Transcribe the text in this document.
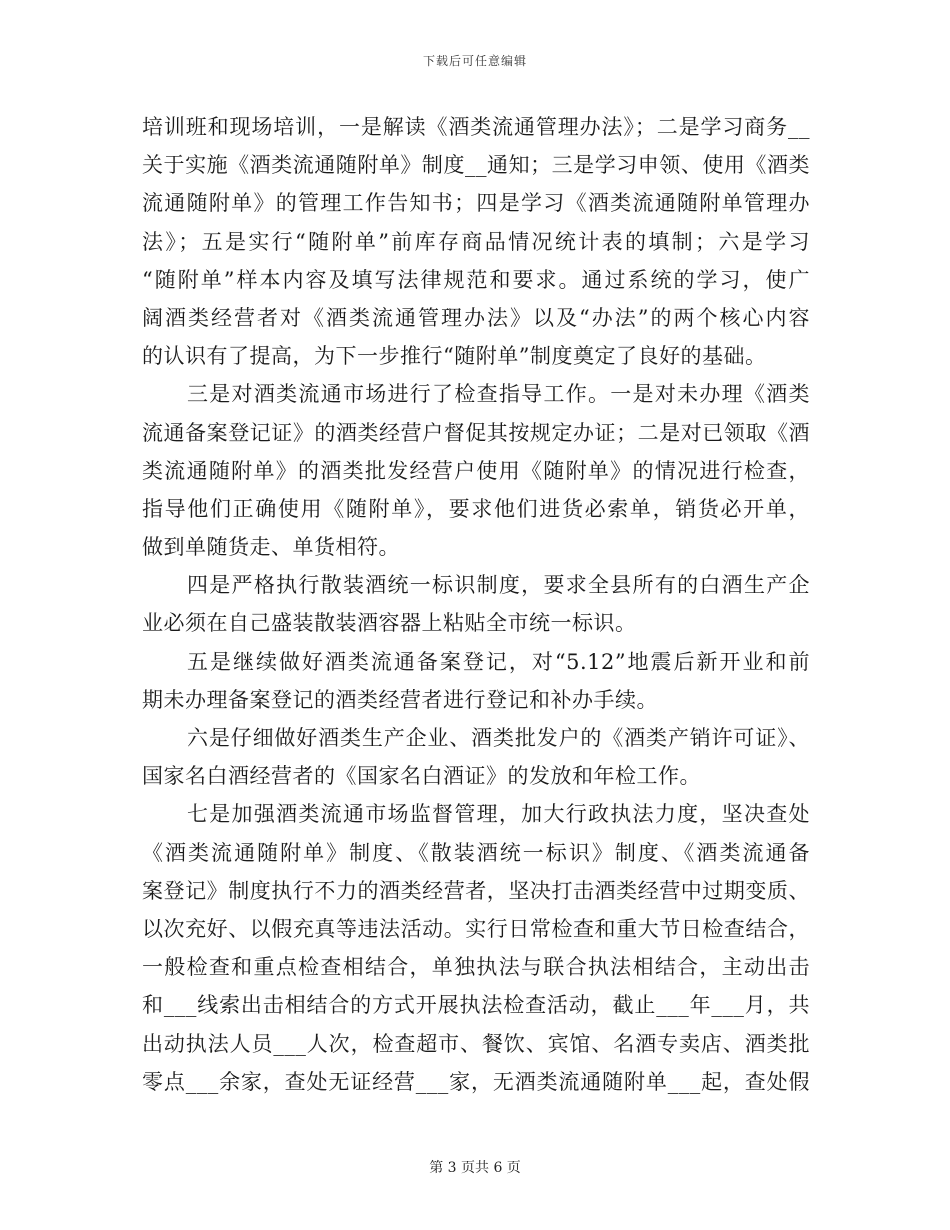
下载后可任意编辑
培训班和现场培训，一是解读《酒类流通管理办法》；二是学习商务__
关于实施《酒类流通随附单》制度__通知；三是学习申领、使用《酒类
流通随附单》的管理工作告知书；四是学习《酒类流通随附单管理办
法》；五是实行“随附单”前库存商品情况统计表的填制；六是学习
“随附单”样本内容及填写法律规范和要求。通过系统的学习，使广
阔酒类经营者对《酒类流通管理办法》以及“办法”的两个核心内容
的认识有了提高，为下一步推行“随附单”制度奠定了良好的基础。
三是对酒类流通市场进行了检查指导工作。一是对未办理《酒类
流通备案登记证》的酒类经营户督促其按规定办证；二是对已领取《酒
类流通随附单》的酒类批发经营户使用《随附单》的情况进行检查，
指导他们正确使用《随附单》，要求他们进货必索单，销货必开单，
做到单随货走、单货相符。
四是严格执行散装酒统一标识制度，要求全县所有的白酒生产企
业必须在自己盛装散装酒容器上粘贴全市统一标识。
五是继续做好酒类流通备案登记，对“5.12”地震后新开业和前
期未办理备案登记的酒类经营者进行登记和补办手续。
六是仔细做好酒类生产企业、酒类批发户的《酒类产销许可证》、
国家名白酒经营者的《国家名白酒证》的发放和年检工作。
七是加强酒类流通市场监督管理，加大行政执法力度，坚决查处
《酒类流通随附单》制度、《散装酒统一标识》制度、《酒类流通备
案登记》制度执行不力的酒类经营者，坚决打击酒类经营中过期变质、
以次充好、以假充真等违法活动。实行日常检查和重大节日检查结合，
一般检查和重点检查相结合，单独执法与联合执法相结合，主动出击
和___线索出击相结合的方式开展执法检查活动，截止___年___月，共
出动执法人员___人次，检查超市、餐饮、宾馆、名酒专卖店、酒类批
零点___余家，查处无证经营___家，无酒类流通随附单___起，查处假
第 3 页共 6 页
